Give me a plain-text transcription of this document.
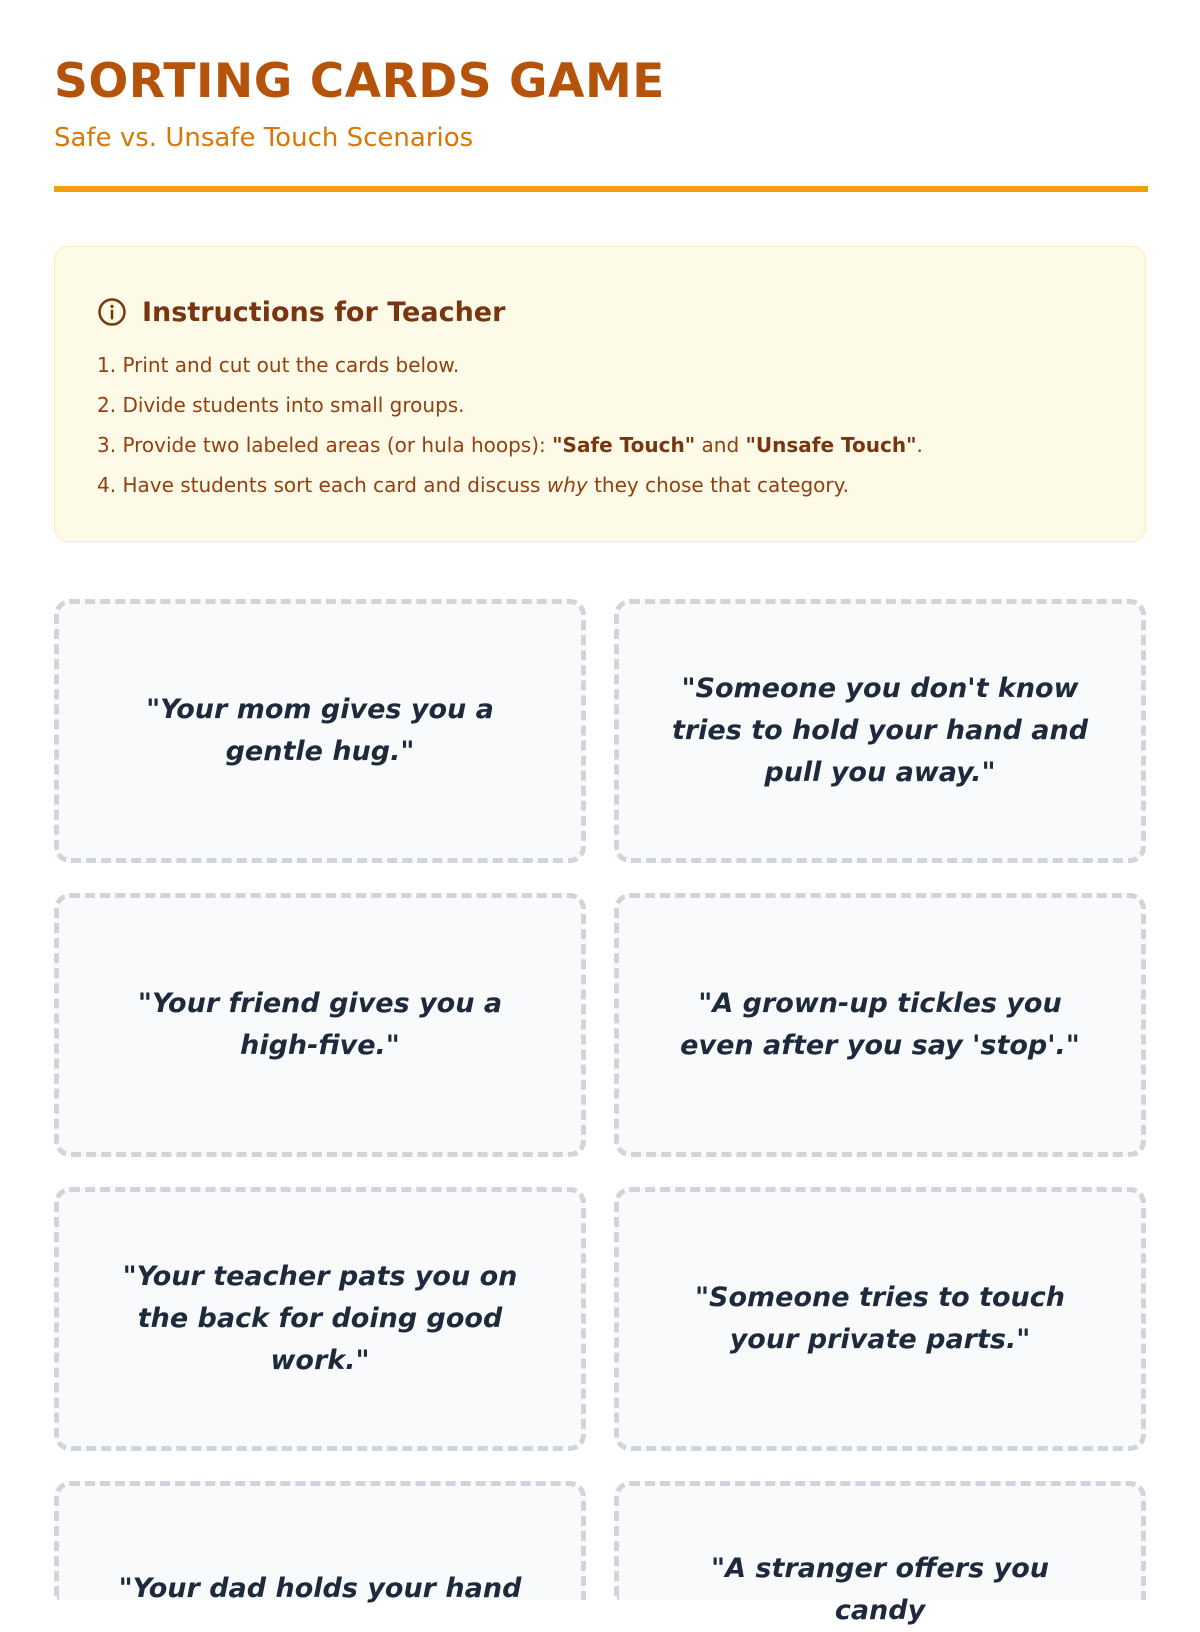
SORTING CARDS GAME
Safe vs. Unsafe Touch Scenarios
Instructions for Teacher
1. Print and cut out the cards below.
2. Divide students into small groups.
3. Provide two labeled areas (or hula hoops): "Safe Touch" and "Unsafe Touch".
4. Have students sort each card and discuss why they chose that category.
"Your mom gives you a gentle hug."
"Someone you don't know tries to hold your hand and pull you away."
"Your friend gives you a high-five."
"A grown-up tickles you even after you say 'stop'."
"Your teacher pats you on the back for doing good work."
"Someone tries to touch your private parts."
"Your dad holds your hand
"A stranger offers you candy
